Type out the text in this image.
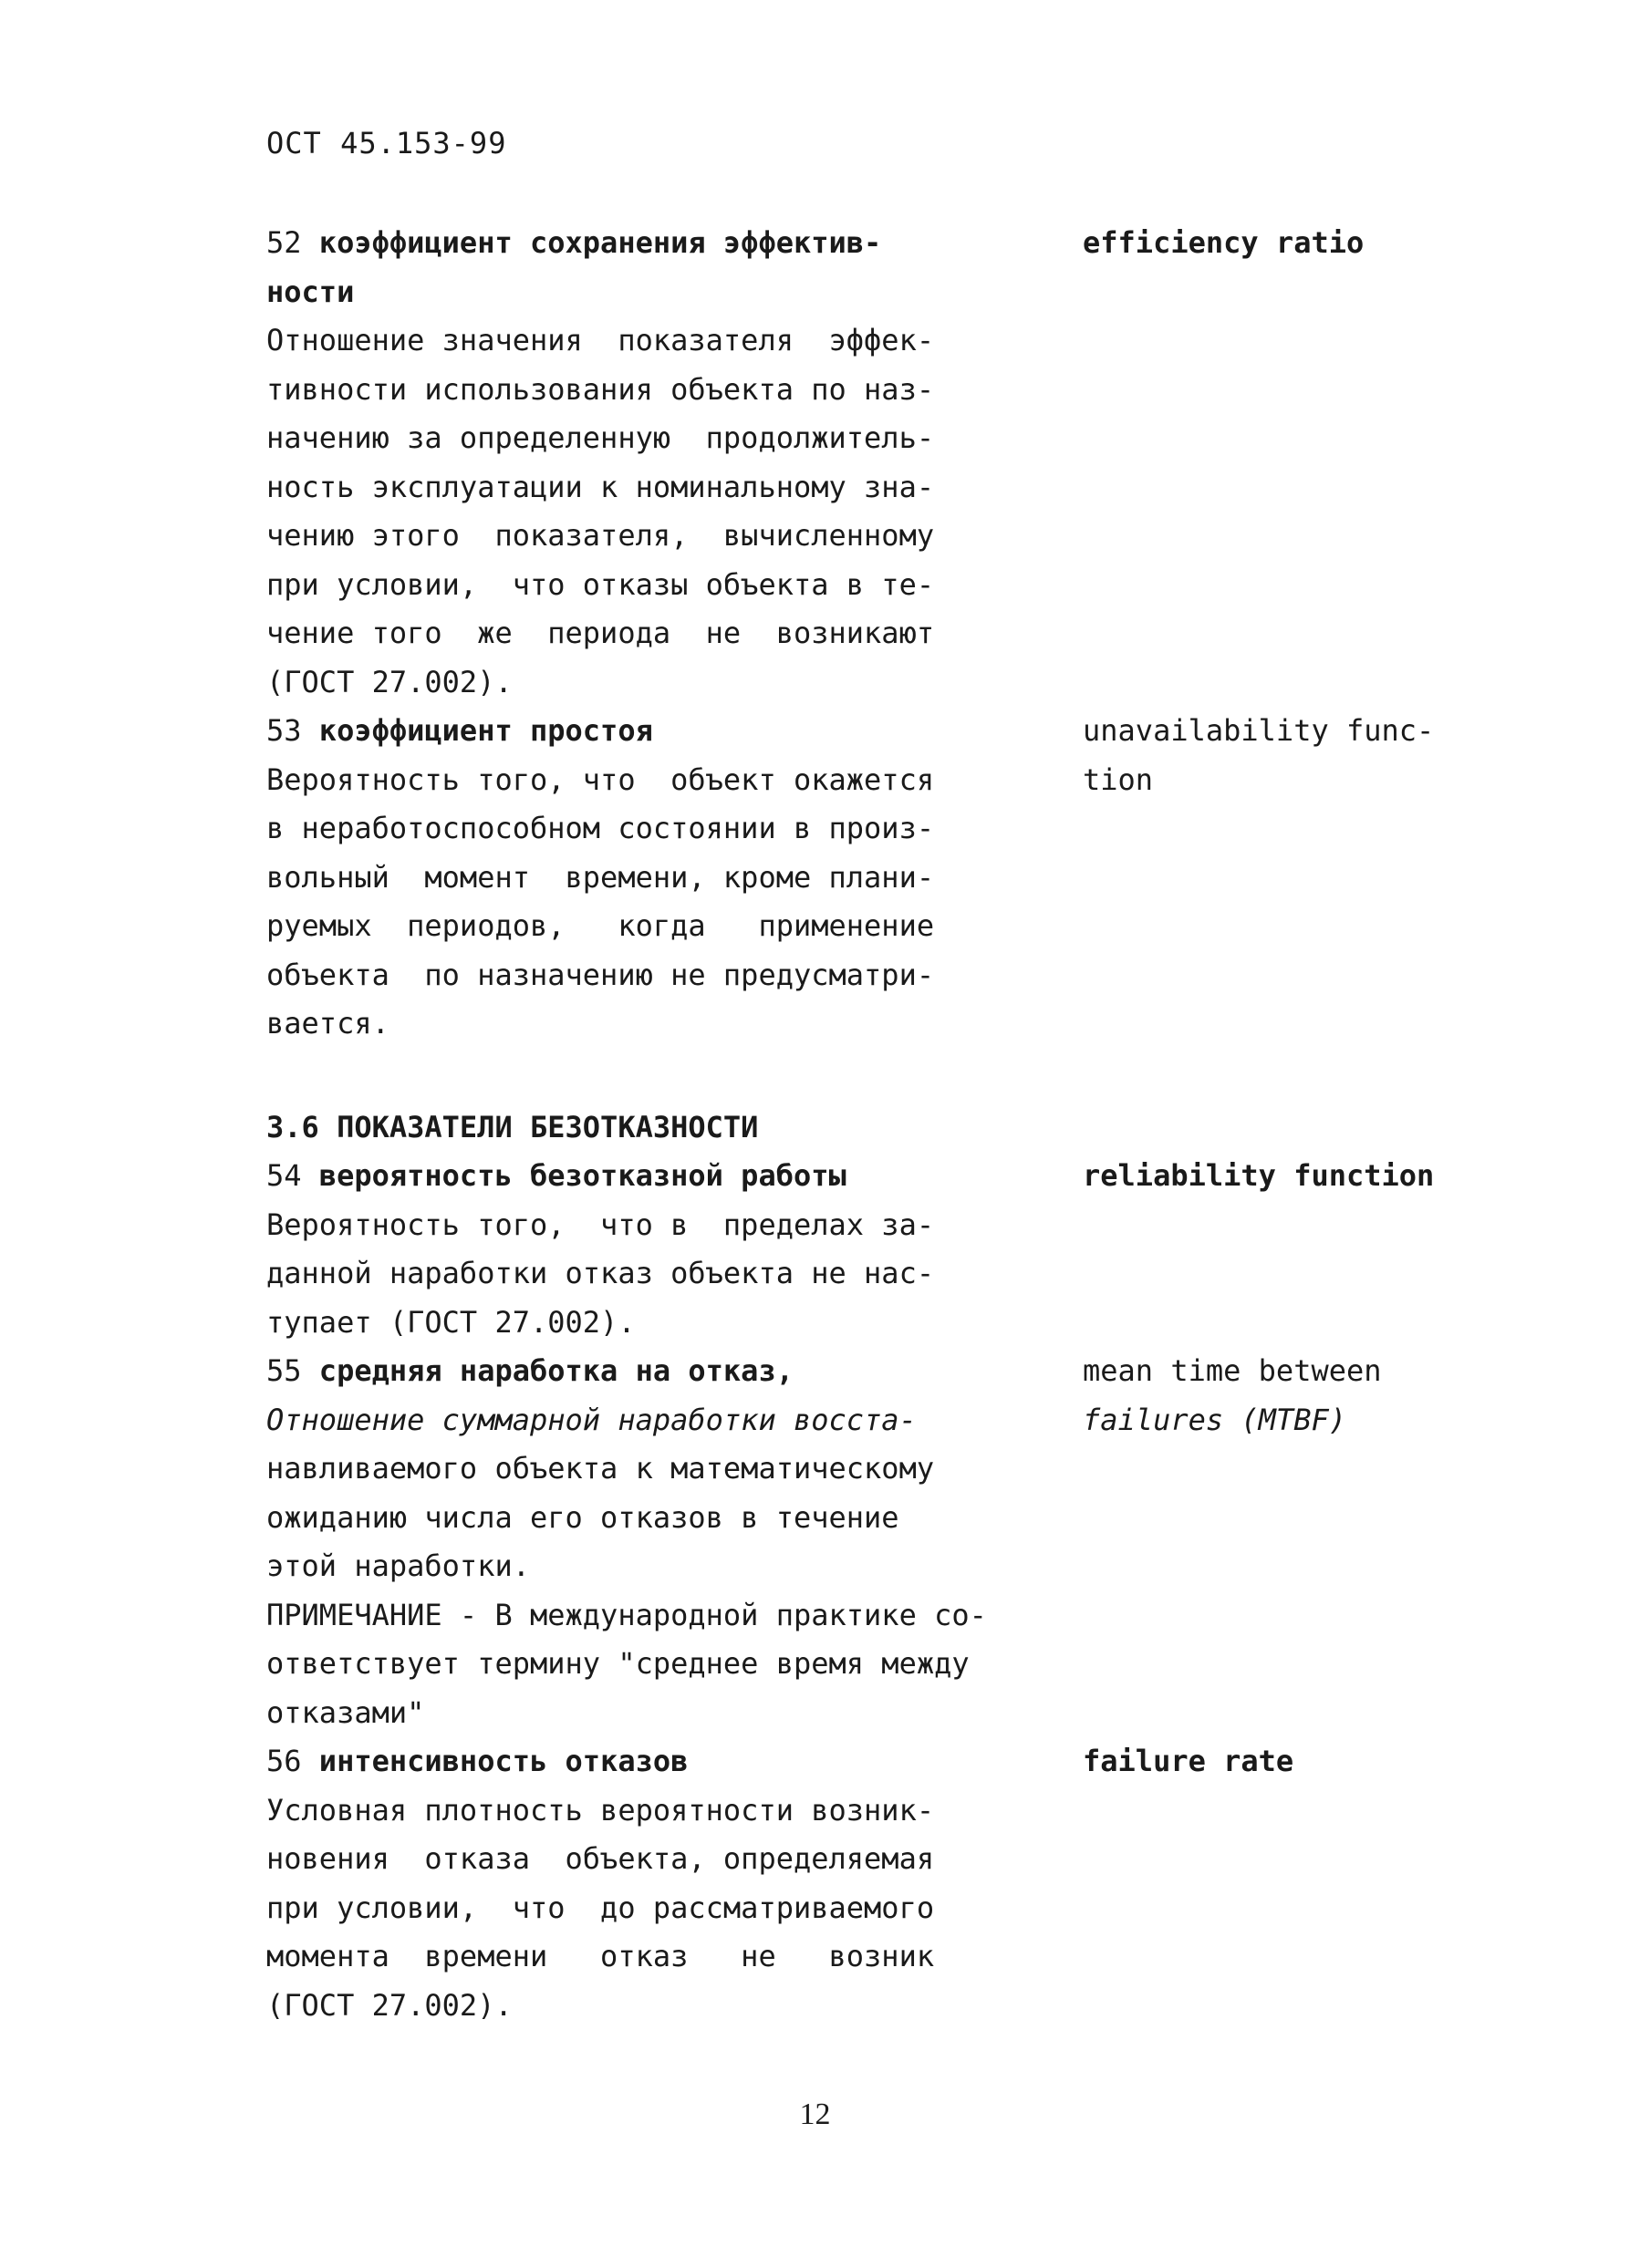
ОСТ 45.153-99
52 коэффициент сохранения эффектив-
ности
Отношение значения  показателя  эффек-
тивности использования объекта по наз-
начению за определенную  продолжитель-
ность эксплуатации к номинальному зна-
чению этого  показателя,  вычисленному
при условии,  что отказы объекта в те-
чение того  же  периода  не  возникают
(ГОСТ 27.002).
efficiency ratio
53 коэффициент простоя
Вероятность того, что  объект окажется
в неработоспособном состоянии в произ-
вольный  момент  времени, кроме плани-
руемых  периодов,   когда   применение
объекта  по назначению не предусматри-
вается.
unavailability func-
tion
3.6 ПОКАЗАТЕЛИ БЕЗОТКАЗНОСТИ
54 вероятность безотказной работы
Вероятность того,  что в  пределах за-
данной наработки отказ объекта не нас-
тупает (ГОСТ 27.002).
reliability function
55 средняя наработка на отказ,
Отношение суммарной наработки восста-
навливаемого объекта к математическому
ожиданию числа его отказов в течение
этой наработки.
ПРИМЕЧАНИЕ - В международной практике со-
ответствует термину "среднее время между
отказами"
mean time between
failures (MTBF)
56 интенсивность отказов
Условная плотность вероятности возник-
новения  отказа  объекта, определяемая
при условии,  что  до рассматриваемого
момента  времени   отказ   не   возник
(ГОСТ 27.002).
failure rate
12
